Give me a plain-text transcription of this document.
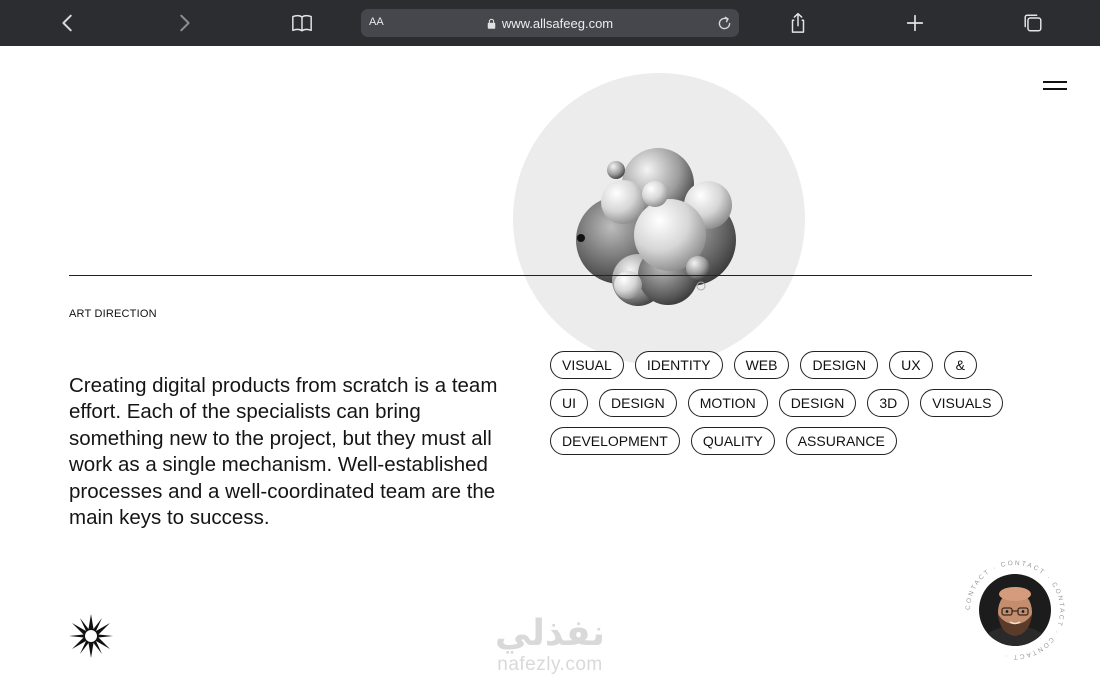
AA	www.allsafeeg.com
ART DIRECTION

Creating digital products from scratch is a team effort. Each of the specialists can bring something new to the project, but they must all work as a single mechanism. Well-established processes and a well-coordinated team are the main keys to success.

VISUAL	IDENTITY	WEB	DESIGN	UX	&
UI	DESIGN	MOTION	DESIGN	3D	VISUALS
DEVELOPMENT	QUALITY	ASSURANCE
نفذلي
nafezly.com
CONTACT · CONTACT · CONTACT · CONTACT ·
